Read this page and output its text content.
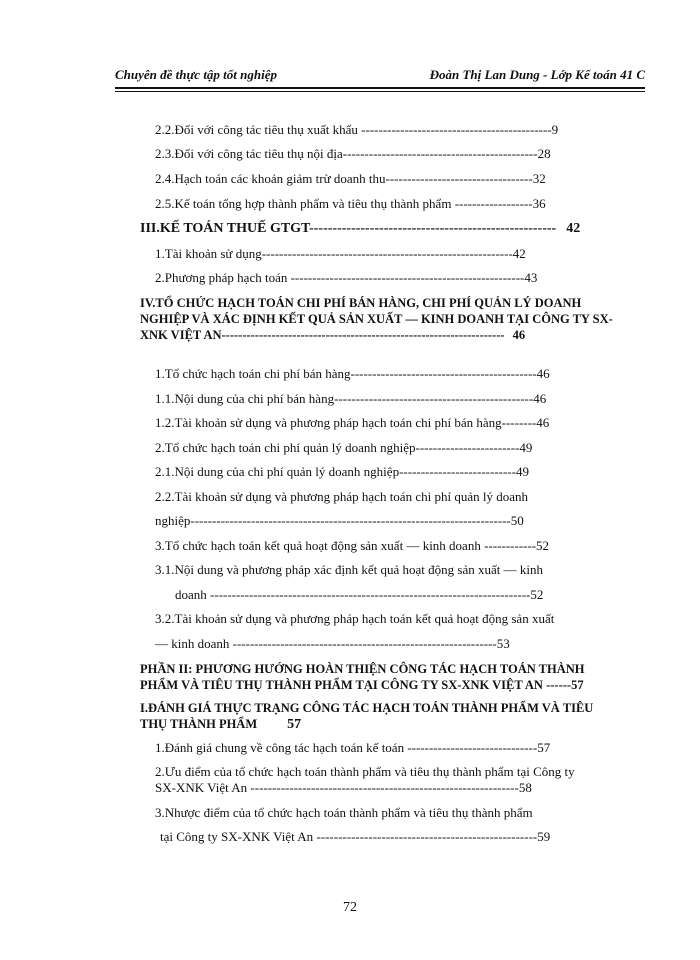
Chuyên đề thực tập tốt nghiệp	Đoàn Thị Lan Dung - Lớp Kế toán 41 C
2.2.Đối với công tác tiêu thụ xuất khẩu --------------------------------------------9
2.3.Đối với công tác tiêu thụ nội địa---------------------------------------------28
2.4.Hạch toán các khoản giảm trừ doanh thu----------------------------------32
2.5.Kế toán tổng hợp thành phẩm và tiêu thụ thành phẩm ------------------36
III.KẾ TOÁN THUẾ GTGT----------------------------------------------------- 42
1.Tài khoản sử dụng----------------------------------------------------------42
2.Phương pháp hạch toán ------------------------------------------------------43
IV.TỔ CHỨC HẠCH TOÁN CHI PHÍ BÁN HÀNG, CHI PHÍ QUẢN LÝ DOANH
NGHIỆP VÀ XÁC ĐỊNH KẾT QUẢ SẢN XUẤT — KINH DOANH TẠI CÔNG TY SX-
XNK VIỆT AN-------------------------------------------------------------------- 46
1.Tổ chức hạch toán chi phí bán hàng-------------------------------------------46
1.1.Nội dung của chi phí bán hàng----------------------------------------------46
1.2.Tài khoản sử dụng và phương pháp hạch toán chi phí bán hàng--------46
2.Tổ chức hạch toán chi phí quản lý doanh nghiệp------------------------49
2.1.Nội dung của chi phí quản lý doanh nghiệp---------------------------49
2.2.Tài khoản sử dụng và phương pháp hạch toán chi phí quản lý doanh
nghiệp--------------------------------------------------------------------------50
3.Tổ chức hạch toán kết quả hoạt động sản xuất — kinh doanh ------------52
3.1.Nội dung và phương pháp xác định kết quả hoạt động sản xuất — kinh
doanh --------------------------------------------------------------------------52
3.2.Tài khoản sử dụng và phương pháp hạch toán kết quả hoạt động sản xuất
— kinh doanh -------------------------------------------------------------53
PHẦN II: PHƯƠNG HƯỚNG HOÀN THIỆN CÔNG TÁC HẠCH TOÁN THÀNH
PHẨM VÀ TIÊU THỤ THÀNH PHẨM TẠI CÔNG TY SX-XNK VIỆT AN ------57
I.ĐÁNH GIÁ THỰC TRẠNG CÔNG TÁC HẠCH TOÁN THÀNH PHẨM VÀ TIÊU
THỤ THÀNH PHẨM 57
1.Đánh giá chung về công tác hạch toán kế toán ------------------------------57
2.Ưu điểm của tổ chức hạch toán thành phẩm và tiêu thụ thành phẩm tại Công ty
SX-XNK Việt An --------------------------------------------------------------58
3.Nhược điểm của tổ chức hạch toán thành phẩm và tiêu thụ thành phẩm
tại Công ty SX-XNK Việt An ---------------------------------------------------59
72
